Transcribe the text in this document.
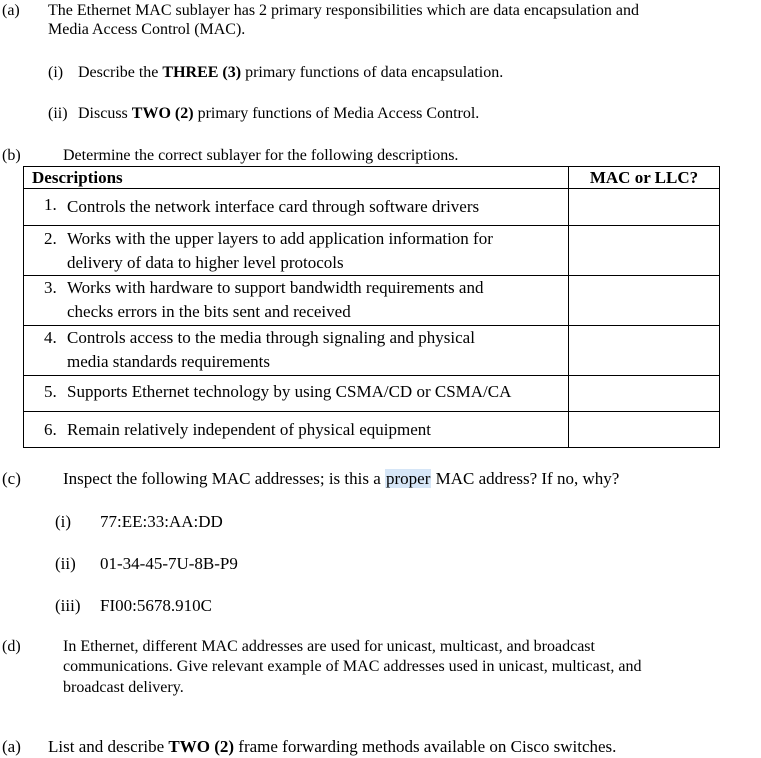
(a) The Ethernet MAC sublayer has 2 primary responsibilities which are data encapsulation and
Media Access Control (MAC).
(i) Describe the THREE (3) primary functions of data encapsulation.
(ii) Discuss TWO (2) primary functions of Media Access Control.
(b)	Determine the correct sublayer for the following descriptions.
Descriptions	MAC or LLC?

1. Controls the network interface card through software drivers	

2. Works with the upper layers to add application information for
delivery of data to higher level protocols	

3. Works with hardware to support bandwidth requirements and
checks errors in the bits sent and received	

4. Controls access to the media through signaling and physical
media standards requirements	

5. Supports Ethernet technology by using CSMA/CD or CSMA/CA	

6. Remain relatively independent of physical equipment	

(c) Inspect the following MAC addresses; is this a proper MAC address? If no, why?
(i) 77:EE:33:AA:DD
(ii) 01-34-45-7U-8B-P9
(iii) FI00:5678.910C
(d)	In Ethernet, different MAC addresses are used for unicast, multicast, and broadcast
communications. Give relevant example of MAC addresses used in unicast, multicast, and
broadcast delivery.
(a) List and describe TWO (2) frame forwarding methods available on Cisco switches.
